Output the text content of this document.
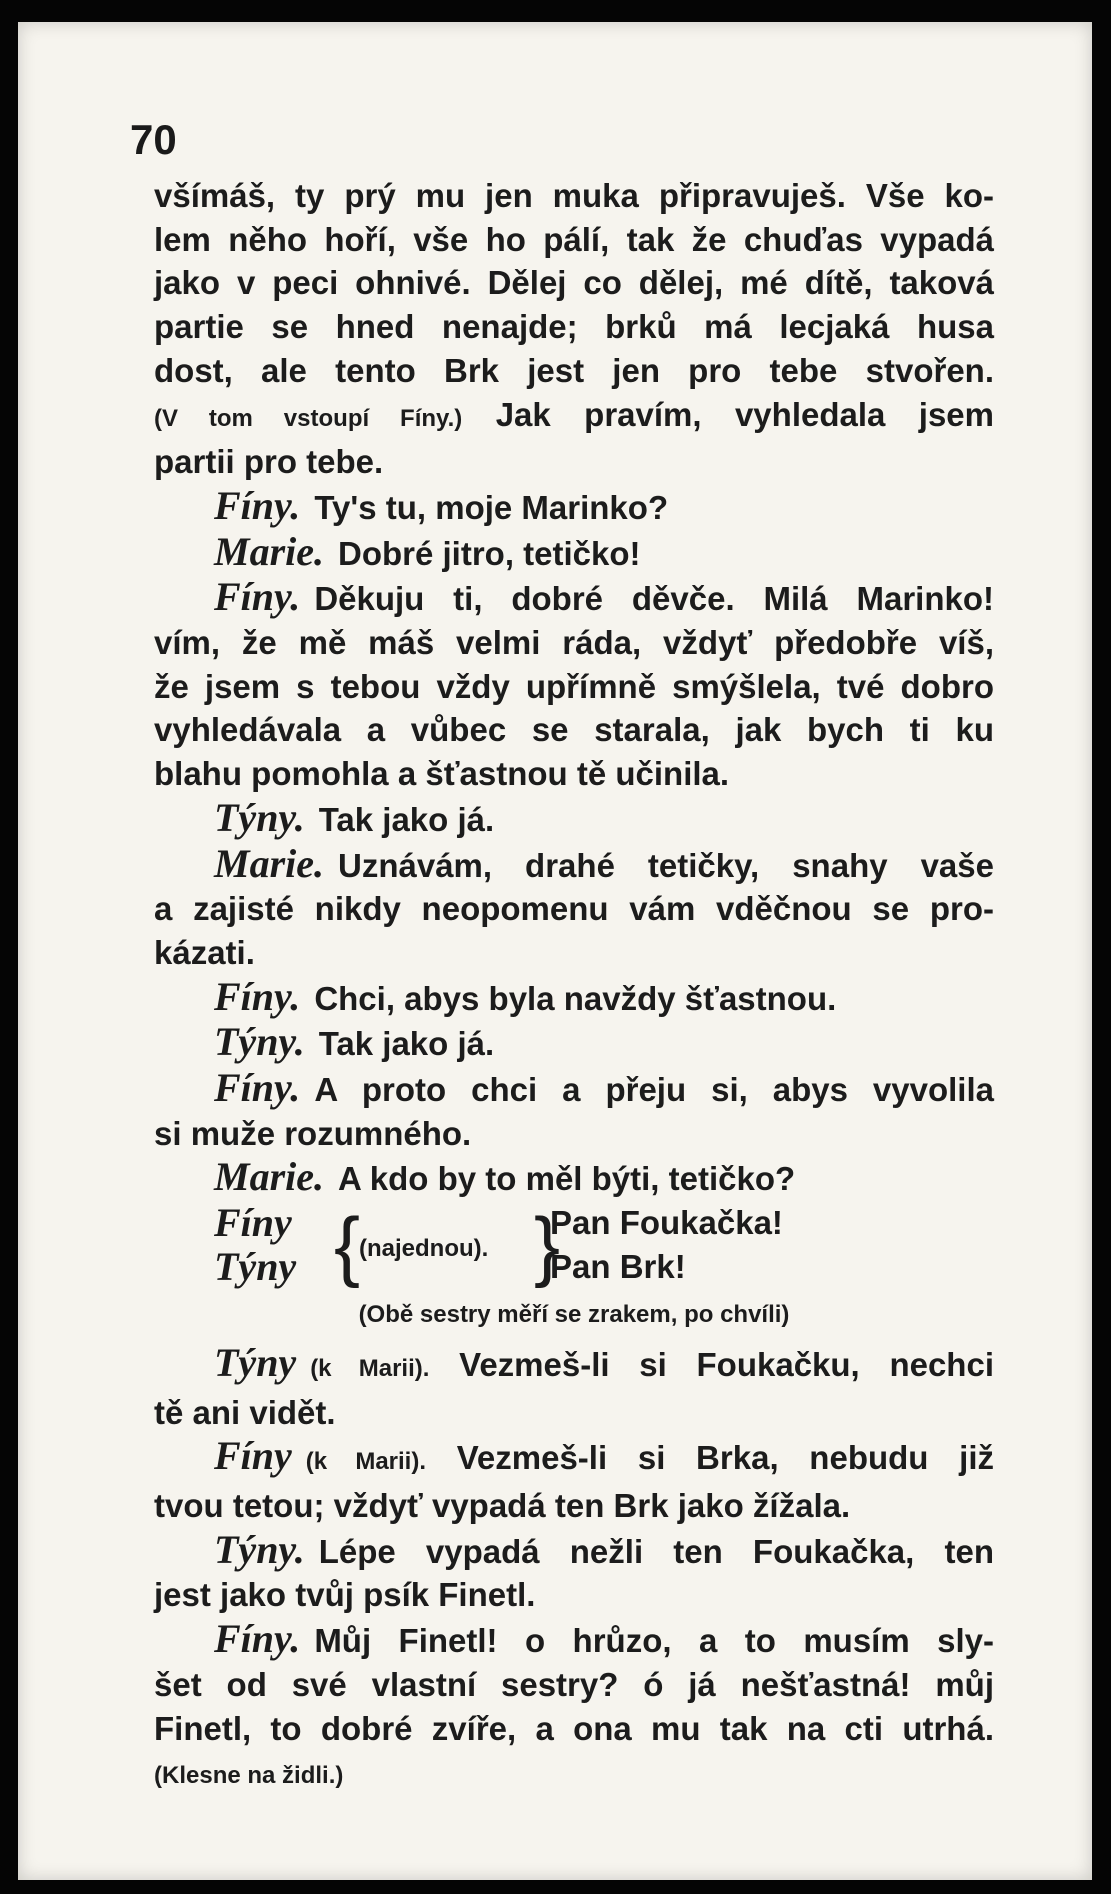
70
všímáš, ty prý mu jen muka připravuješ. Vše ko-
lem něho hoří, vše ho pálí, tak že chuďas vypadá
jako v peci ohnivé. Dělej co dělej, mé dítě, taková
partie se hned nenajde; brků má lecjaká husa
dost, ale tento Brk jest jen pro tebe stvořen.
(V tom vstoupí Fíny.) Jak pravím, vyhledala jsem
partii pro tebe.
Fíny. Ty's tu, moje Marinko?
Marie. Dobré jitro, tetičko!
Fíny. Děkuju ti, dobré děvče. Milá Marinko!
vím, že mě máš velmi ráda, vždyť předobře víš,
že jsem s tebou vždy upřímně smýšlela, tvé dobro
vyhledávala a vůbec se starala, jak bych ti ku
blahu pomohla a šťastnou tě učinila.
Týny. Tak jako já.
Marie. Uznávám, drahé tetičky, snahy vaše
a zajisté nikdy neopomenu vám vděčnou se pro-
kázati.
Fíny. Chci, abys byla navždy šťastnou.
Týny. Tak jako já.
Fíny. A proto chci a přeju si, abys vyvolila
si muže rozumného.
Marie. A kdo by to měl býti, tetičko?
Fíny
Týny {
(najednou). }
Pan Foukačka!
Pan Brk!
(Obě sestry měří se zrakem, po chvíli)
Týny (k Marii). Vezmeš-li si Foukačku, nechci
tě ani vidět.
Fíny (k Marii). Vezmeš-li si Brka, nebudu již
tvou tetou; vždyť vypadá ten Brk jako žížala.
Týny. Lépe vypadá nežli ten Foukačka, ten
jest jako tvůj psík Finetl.
Fíny. Můj Finetl! o hrůzo, a to musím sly-
šet od své vlastní sestry? ó já nešťastná! můj
Finetl, to dobré zvíře, a ona mu tak na cti utrhá.
(Klesne na židli.)
